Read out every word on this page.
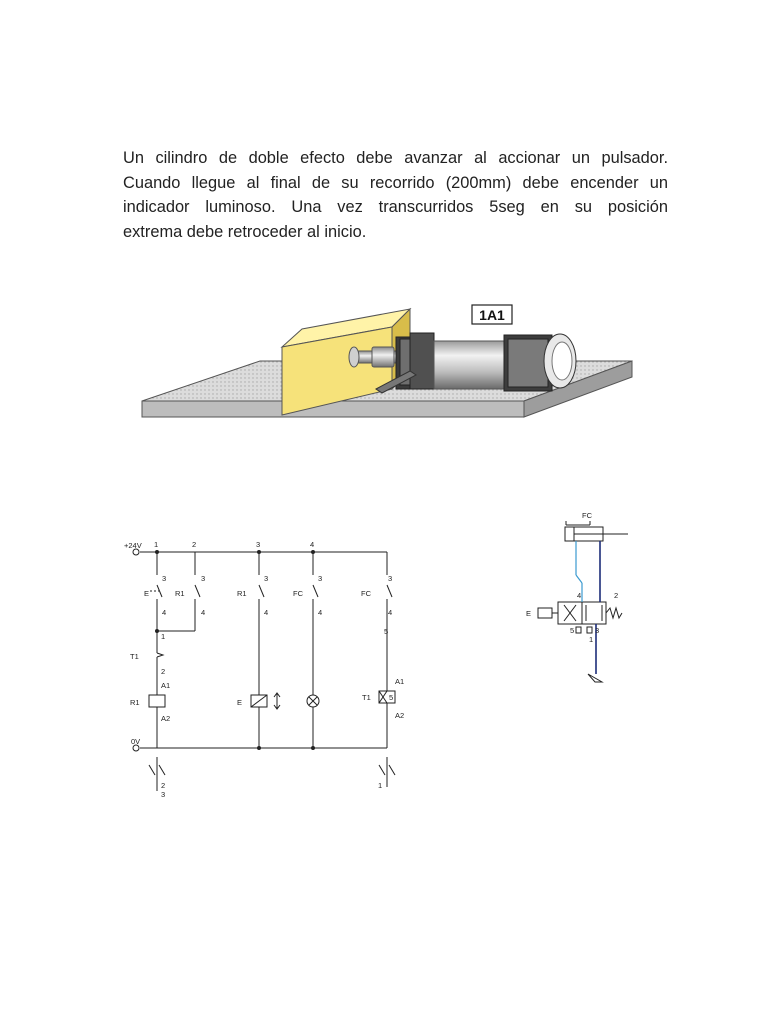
Un cilindro de doble efecto debe avanzar al accionar un pulsador.

Cuando llegue al final de su recorrido (200mm) debe encender un

indicador luminoso. Una vez transcurridos 5seg en su posición

extrema debe retroceder al inicio.

1A1
+24V
0V
1	2	3	4
E
3
4
R1
3
4
1
T1
2
A1
R1
A2
R1
3
4
E
FC
3
4
FC
3
4
5
A1
T1 5
A2
2
3
1
FC
E
4	2
5
1
3
